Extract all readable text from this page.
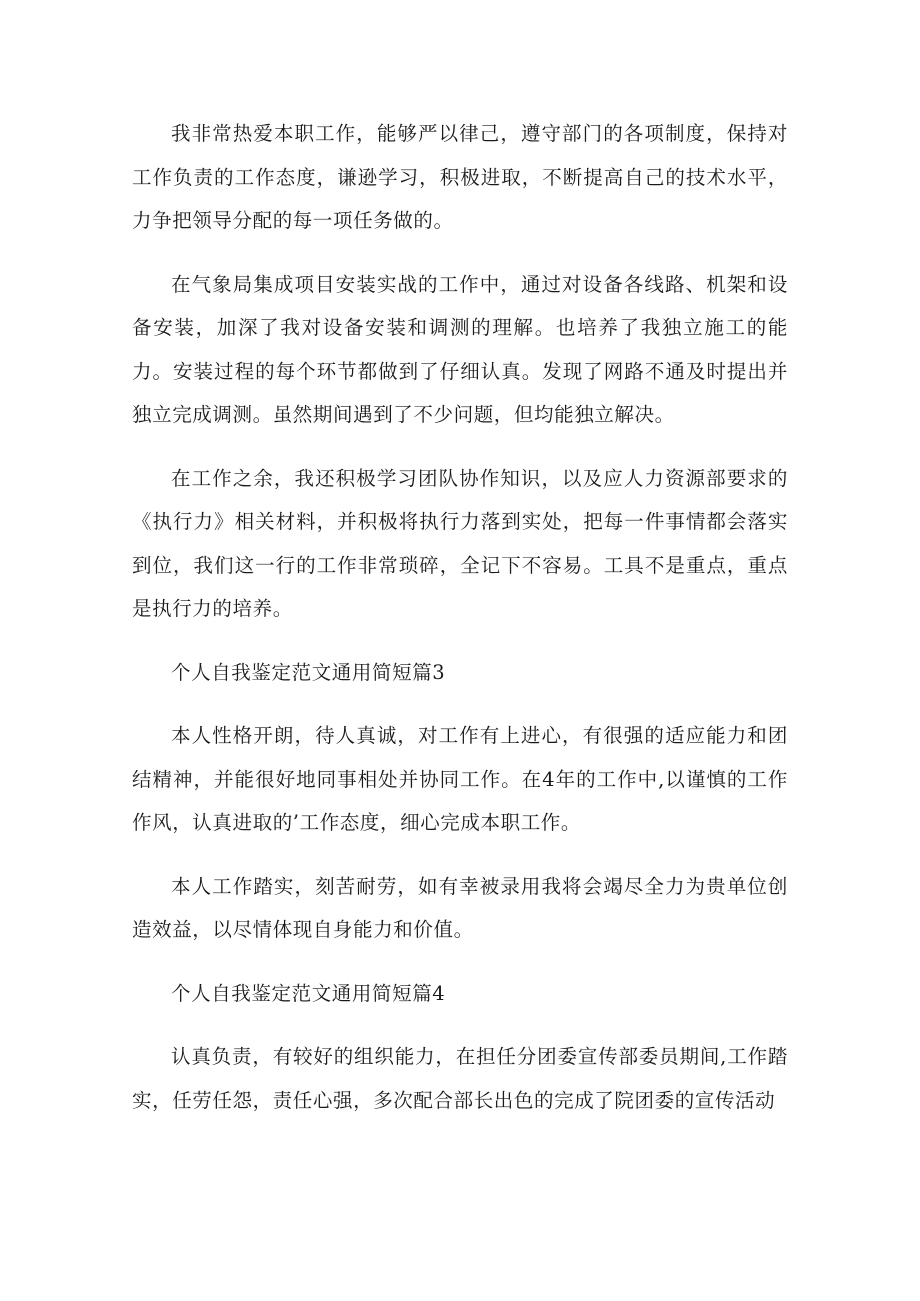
我非常热爱本职工作，能够严以律己，遵守部门的各项制度，保持对工作负责的工作态度，谦逊学习，积极进取，不断提高自己的技术水平，力争把领导分配的每一项任务做的。

在气象局集成项目安装实战的工作中，通过对设备各线路、机架和设备安装，加深了我对设备安装和调测的理解。也培养了我独立施工的能力。安装过程的每个环节都做到了仔细认真。发现了网路不通及时提出并独立完成调测。虽然期间遇到了不少问题，但均能独立解决。

在工作之余，我还积极学习团队协作知识，以及应人力资源部要求的《执行力》相关材料，并积极将执行力落到实处，把每一件事情都会落实到位，我们这一行的工作非常琐碎，全记下不容易。工具不是重点，重点是执行力的培养。

个人自我鉴定范文通用简短篇3

本人性格开朗，待人真诚，对工作有上进心，有很强的适应能力和团结精神，并能很好地同事相处并协同工作。在4年的工作中,以谨慎的工作作风，认真进取的’工作态度，细心完成本职工作。

本人工作踏实，刻苦耐劳，如有幸被录用我将会竭尽全力为贵单位创造效益，以尽情体现自身能力和价值。

个人自我鉴定范文通用简短篇4

认真负责，有较好的组织能力，在担任分团委宣传部委员期间,工作踏实，任劳任怨，责任心强，多次配合部长出色的完成了院团委的宣传活动
